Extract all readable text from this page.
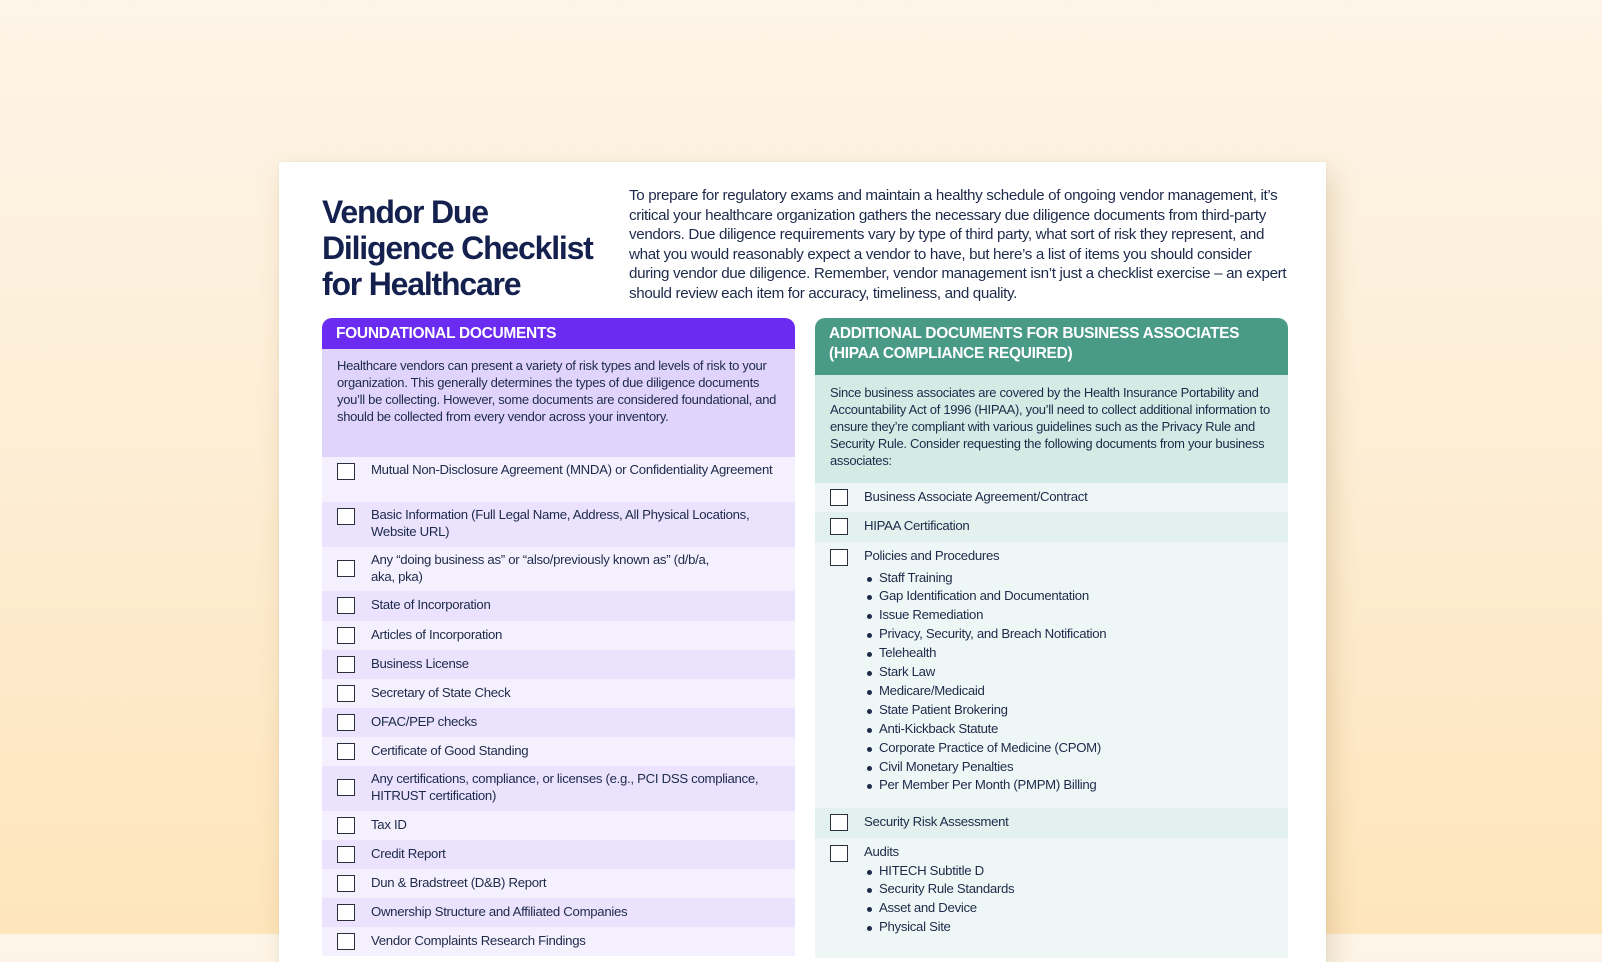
Vendor Due Diligence Checklist for Healthcare

To prepare for regulatory exams and maintain a healthy schedule of ongoing vendor management, it’s critical your healthcare organization gathers the necessary due diligence documents from third-party vendors. Due diligence requirements vary by type of third party, what sort of risk they represent, and what you would reasonably expect a vendor to have, but here’s a list of items you should consider during vendor due diligence. Remember, vendor management isn’t just a checklist exercise – an expert should review each item for accuracy, timeliness, and quality.

FOUNDATIONAL DOCUMENTS
Healthcare vendors can present a variety of risk types and levels of risk to your organization. This generally determines the types of due diligence documents you’ll be collecting. However, some documents are considered foundational, and should be collected from every vendor across your inventory.
Mutual Non-Disclosure Agreement (MNDA) or Confidentiality Agreement
Basic Information (Full Legal Name, Address, All Physical Locations, Website URL)
Any “doing business as” or “also/previously known as” (d/b/a, aka, pka)
State of Incorporation
Articles of Incorporation
Business License
Secretary of State Check
OFAC/PEP checks
Certificate of Good Standing
Any certifications, compliance, or licenses (e.g., PCI DSS compliance, HITRUST certification)
Tax ID
Credit Report
Dun & Bradstreet (D&B) Report
Ownership Structure and Affiliated Companies
Vendor Complaints Research Findings
ADDITIONAL DOCUMENTS FOR BUSINESS ASSOCIATES (HIPAA COMPLIANCE REQUIRED)
Since business associates are covered by the Health Insurance Portability and Accountability Act of 1996 (HIPAA), you’ll need to collect additional information to ensure they’re compliant with various guidelines such as the Privacy Rule and Security Rule. Consider requesting the following documents from your business associates:
Business Associate Agreement/Contract
HIPAA Certification
Policies and Procedures
Staff Training
Gap Identification and Documentation
Issue Remediation
Privacy, Security, and Breach Notification
Telehealth
Stark Law
Medicare/Medicaid
State Patient Brokering
Anti-Kickback Statute
Corporate Practice of Medicine (CPOM)
Civil Monetary Penalties
Per Member Per Month (PMPM) Billing
Security Risk Assessment
Audits
HITECH Subtitle D
Security Rule Standards
Asset and Device
Physical Site
